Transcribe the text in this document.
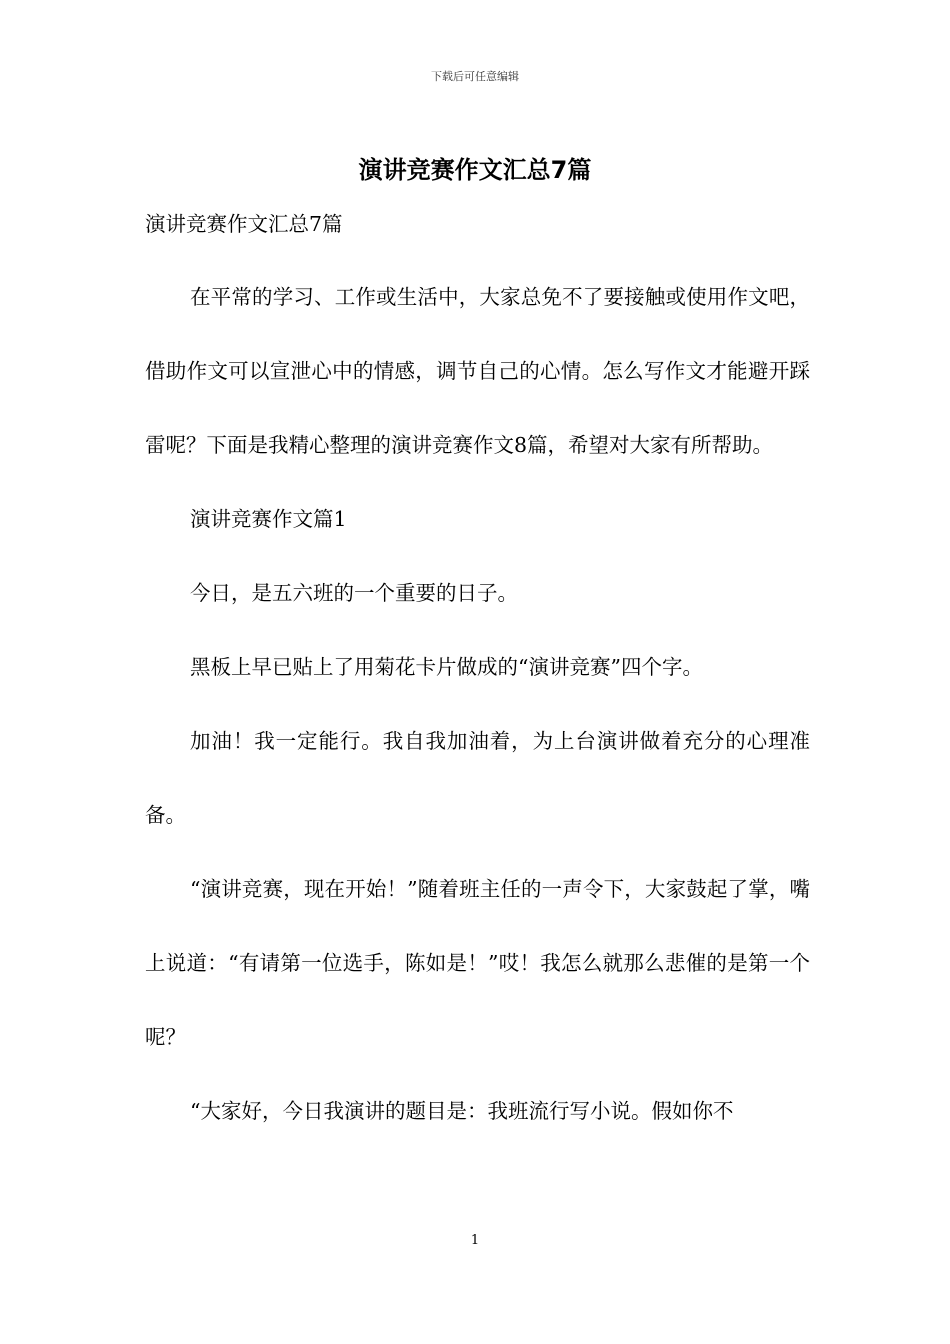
下载后可任意编辑
演讲竞赛作文汇总7篇

演讲竞赛作文汇总7篇

在平常的学习、工作或生活中，大家总免不了要接触或使用作文吧，借助作文可以宣泄心中的情感，调节自己的心情。怎么写作文才能避开踩雷呢？下面是我精心整理的演讲竞赛作文8篇，希望对大家有所帮助。

演讲竞赛作文篇1

今日，是五六班的一个重要的日子。

黑板上早已贴上了用菊花卡片做成的“演讲竞赛”四个字。

加油！我一定能行。我自我加油着，为上台演讲做着充分的心理准备。

“演讲竞赛，现在开始！”随着班主任的一声令下，大家鼓起了掌，嘴上说道：“有请第一位选手，陈如是！”哎！我怎么就那么悲催的是第一个呢？

“大家好，今日我演讲的题目是：我班流行写小说。假如你不

1
